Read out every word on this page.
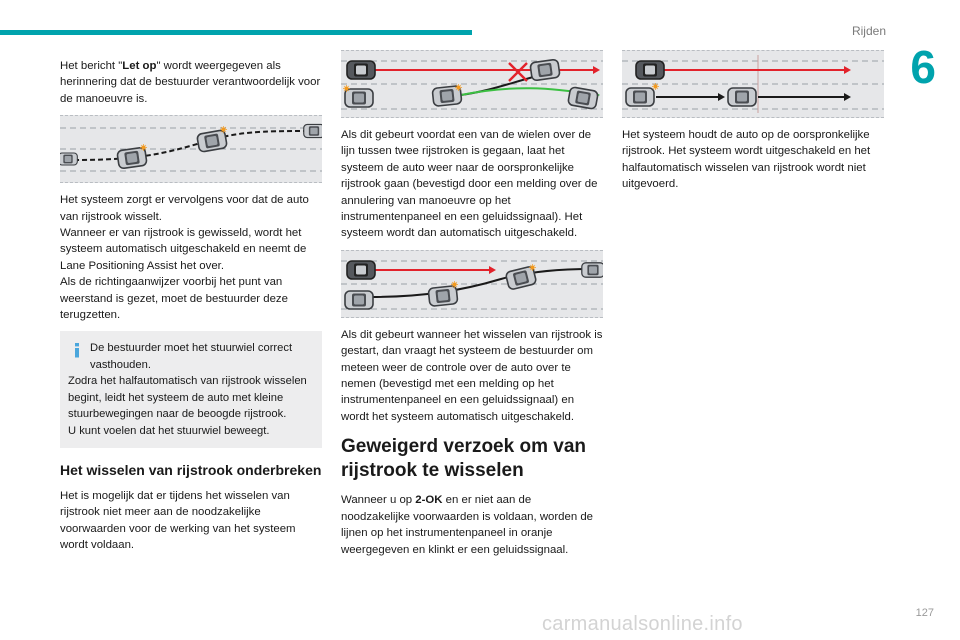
Rijden
6

Het bericht "Let op" wordt weergegeven als herinnering dat de bestuurder verantwoordelijk voor de manoeuvre is.

Het systeem zorgt er vervolgens voor dat de auto van rijstrook wisselt.
Wanneer er van rijstrook is gewisseld, wordt het systeem automatisch uitgeschakeld en neemt de Lane Positioning Assist het over.
Als de richtingaanwijzer voorbij het punt van weerstand is gezet, moet de bestuurder deze terugzetten.

De bestuurder moet het stuurwiel correct vasthouden.

Zodra het halfautomatisch van rijstrook wisselen begint, leidt het systeem de auto met kleine stuurbewegingen naar de beoogde rijstrook.

U kunt voelen dat het stuurwiel beweegt.

Het wisselen van rijstrook onderbreken

Het is mogelijk dat er tijdens het wisselen van rijstrook niet meer aan de noodzakelijke voorwaarden voor de werking van het systeem wordt voldaan.

Als dit gebeurt voordat een van de wielen over de lijn tussen twee rijstroken is gegaan, laat het systeem de auto weer naar de oorspronkelijke rijstrook gaan (bevestigd door een melding over de annulering van manoeuvre op het instrumentenpaneel en een geluidssignaal). Het systeem wordt dan automatisch uitgeschakeld.

Als dit gebeurt wanneer het wisselen van rijstrook is gestart, dan vraagt het systeem de bestuurder om meteen weer de controle over de auto over te nemen (bevestigd met een melding op het instrumentenpaneel en een geluidssignaal) en wordt het systeem automatisch uitgeschakeld.

Geweigerd verzoek om van rijstrook te wisselen

Wanneer u op 2-OK en er niet aan de noodzakelijke voorwaarden is voldaan, worden de lijnen op het instrumentenpaneel in oranje weergegeven en klinkt er een geluidssignaal.

Het systeem houdt de auto op de oorspronkelijke rijstrook. Het systeem wordt uitgeschakeld en het halfautomatisch wisselen van rijstrook wordt niet uitgevoerd.

carmanualsonline.info	127
